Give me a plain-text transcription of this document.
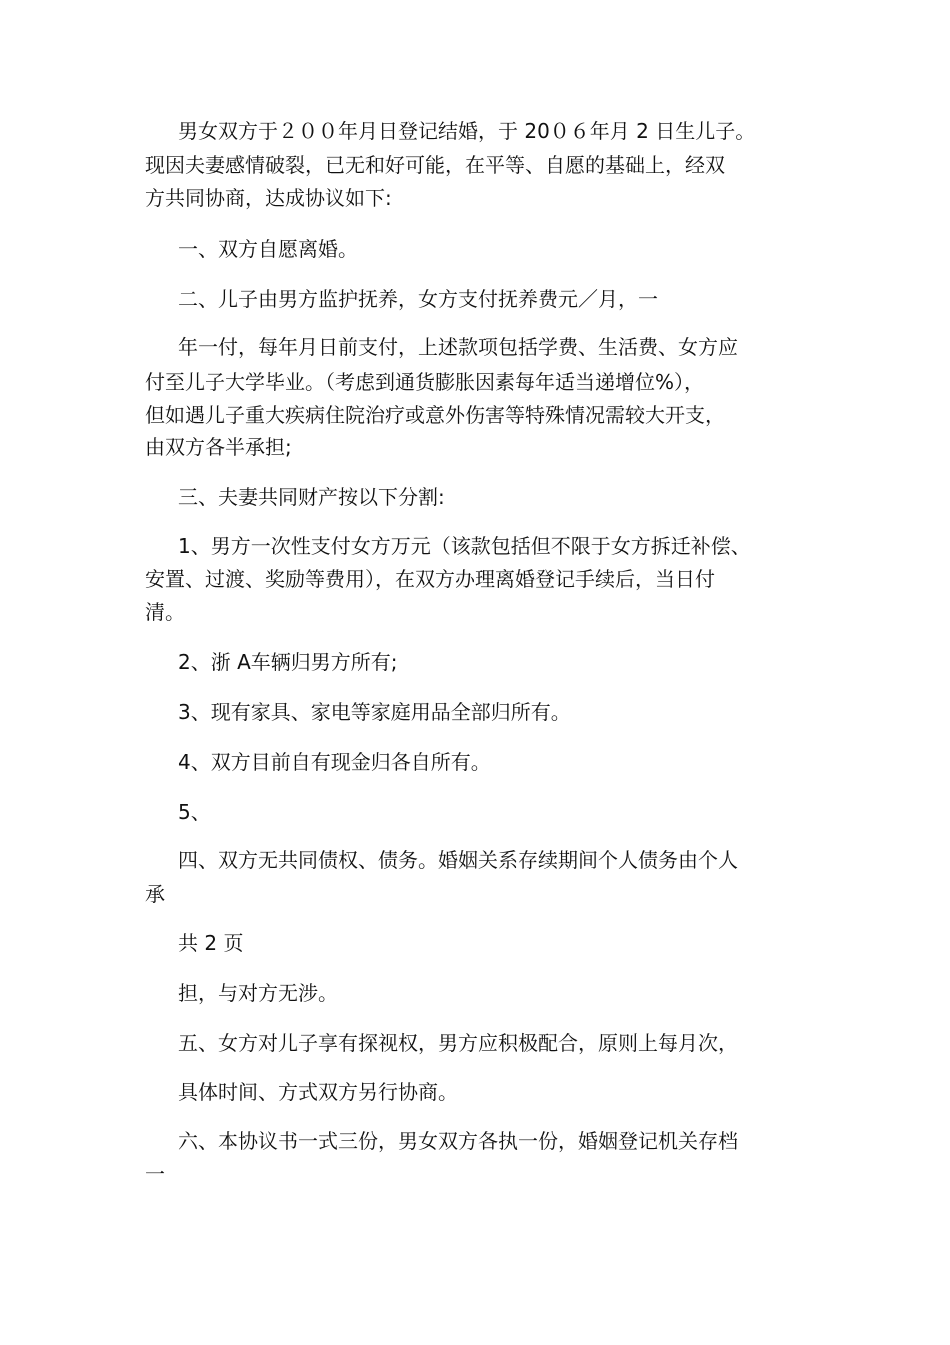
男女双方于２００年月日登记结婚，于 20０６年月 2 日生儿子。
现因夫妻感情破裂，已无和好可能，在平等、自愿的基础上，经双
方共同协商，达成协议如下:
一、双方自愿离婚。
二、儿子由男方监护抚养，女方支付抚养费元／月，一
年一付，每年月日前支付，上述款项包括学费、生活费、女方应
付至儿子大学毕业。（考虑到通货膨胀因素每年适当递增位%），
但如遇儿子重大疾病住院治疗或意外伤害等特殊情况需较大开支，
由双方各半承担;
三、夫妻共同财产按以下分割:
1、男方一次性支付女方万元（该款包括但不限于女方拆迁补偿、
安置、过渡、奖励等费用），在双方办理离婚登记手续后，当日付
清。
2、浙 A车辆归男方所有;
3、现有家具、家电等家庭用品全部归所有。
4、双方目前自有现金归各自所有。
5、
四、双方无共同债权、债务。婚姻关系存续期间个人债务由个人
承
共 2 页
担，与对方无涉。
五、女方对儿子享有探视权，男方应积极配合，原则上每月次，
具体时间、方式双方另行协商。
六、本协议书一式三份，男女双方各执一份，婚姻登记机关存档
一
